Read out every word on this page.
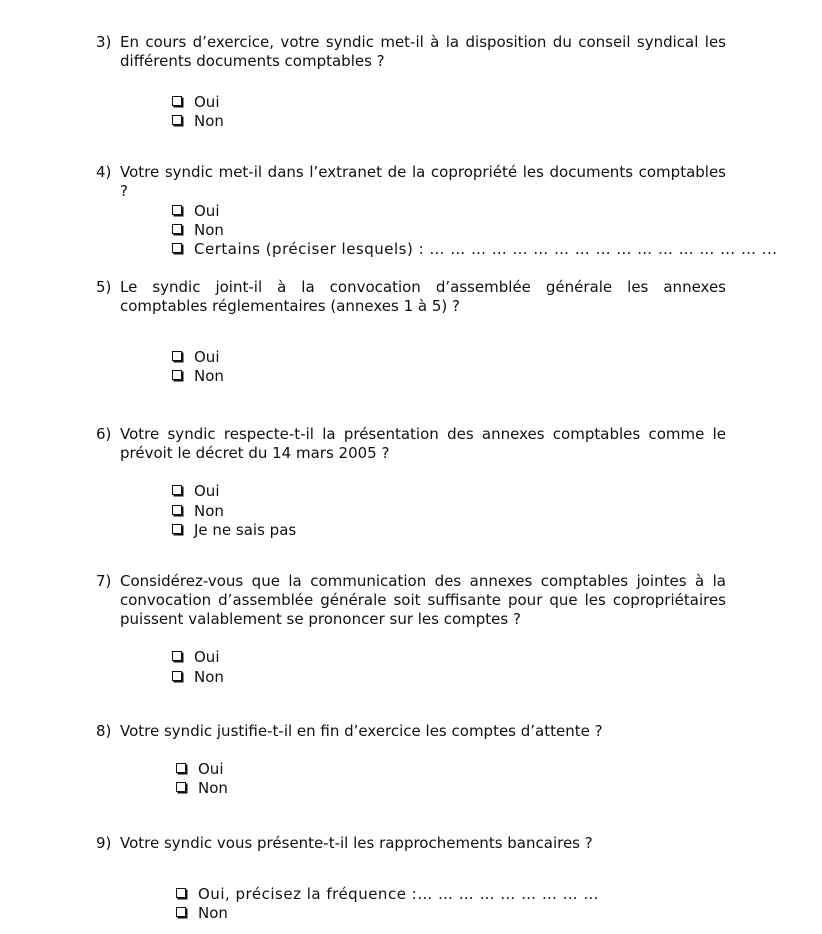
3) En cours d’exercice, votre syndic met-il à la disposition du conseil syndical les différents documents comptables ?
Oui
Non
4) Votre syndic met-il dans l’extranet de la copropriété les documents comptables ?
Oui
Non
Certains (préciser lesquels) : … … … … … … … … … … … … … … … … ...
5) Le syndic joint-il à la convocation d’assemblée générale les annexes comptables réglementaires (annexes 1 à 5) ?
Oui
Non
6) Votre syndic respecte-t-il la présentation des annexes comptables comme le prévoit le décret du 14 mars 2005 ?
Oui
Non
Je ne sais pas
7) Considérez-vous que la communication des annexes comptables jointes à la convocation d’assemblée générale soit suffisante pour que les copropriétaires puissent valablement se prononcer sur les comptes ?
Oui
Non
8) Votre syndic justifie-t-il en fin d’exercice les comptes d’attente ?
Oui
Non
9) Votre syndic vous présente-t-il les rapprochements bancaires ?
Oui, précisez la fréquence :… … … … … … … … …
Non
